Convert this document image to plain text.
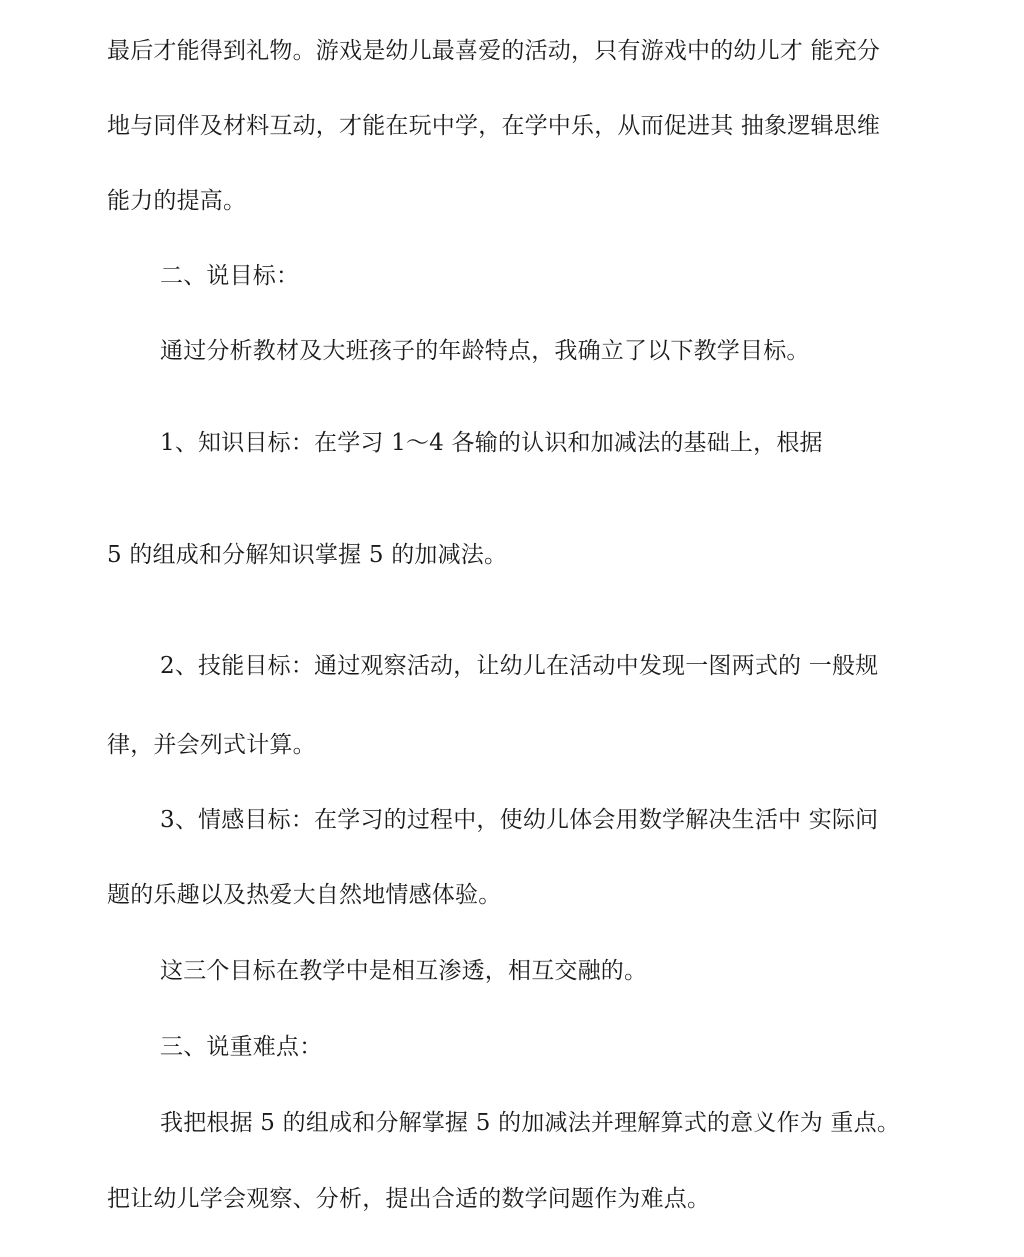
最后才能得到礼物。游戏是幼儿最喜爱的活动，只有游戏中的幼儿才 能充分
地与同伴及材料互动，才能在玩中学，在学中乐，从而促进其 抽象逻辑思维
能力的提高。
二、说目标：
通过分析教材及大班孩子的年龄特点，我确立了以下教学目标。
1、知识目标：在学习 1～4 各输的认识和加减法的基础上，根据
5 的组成和分解知识掌握 5 的加减法。
2、技能目标：通过观察活动，让幼儿在活动中发现一图两式的 一般规
律，并会列式计算。
3、情感目标：在学习的过程中，使幼儿体会用数学解决生活中 实际问
题的乐趣以及热爱大自然地情感体验。
这三个目标在教学中是相互渗透，相互交融的。
三、说重难点：
我把根据 5 的组成和分解掌握 5 的加减法并理解算式的意义作为 重点。
把让幼儿学会观察、分析，提出合适的数学问题作为难点。
